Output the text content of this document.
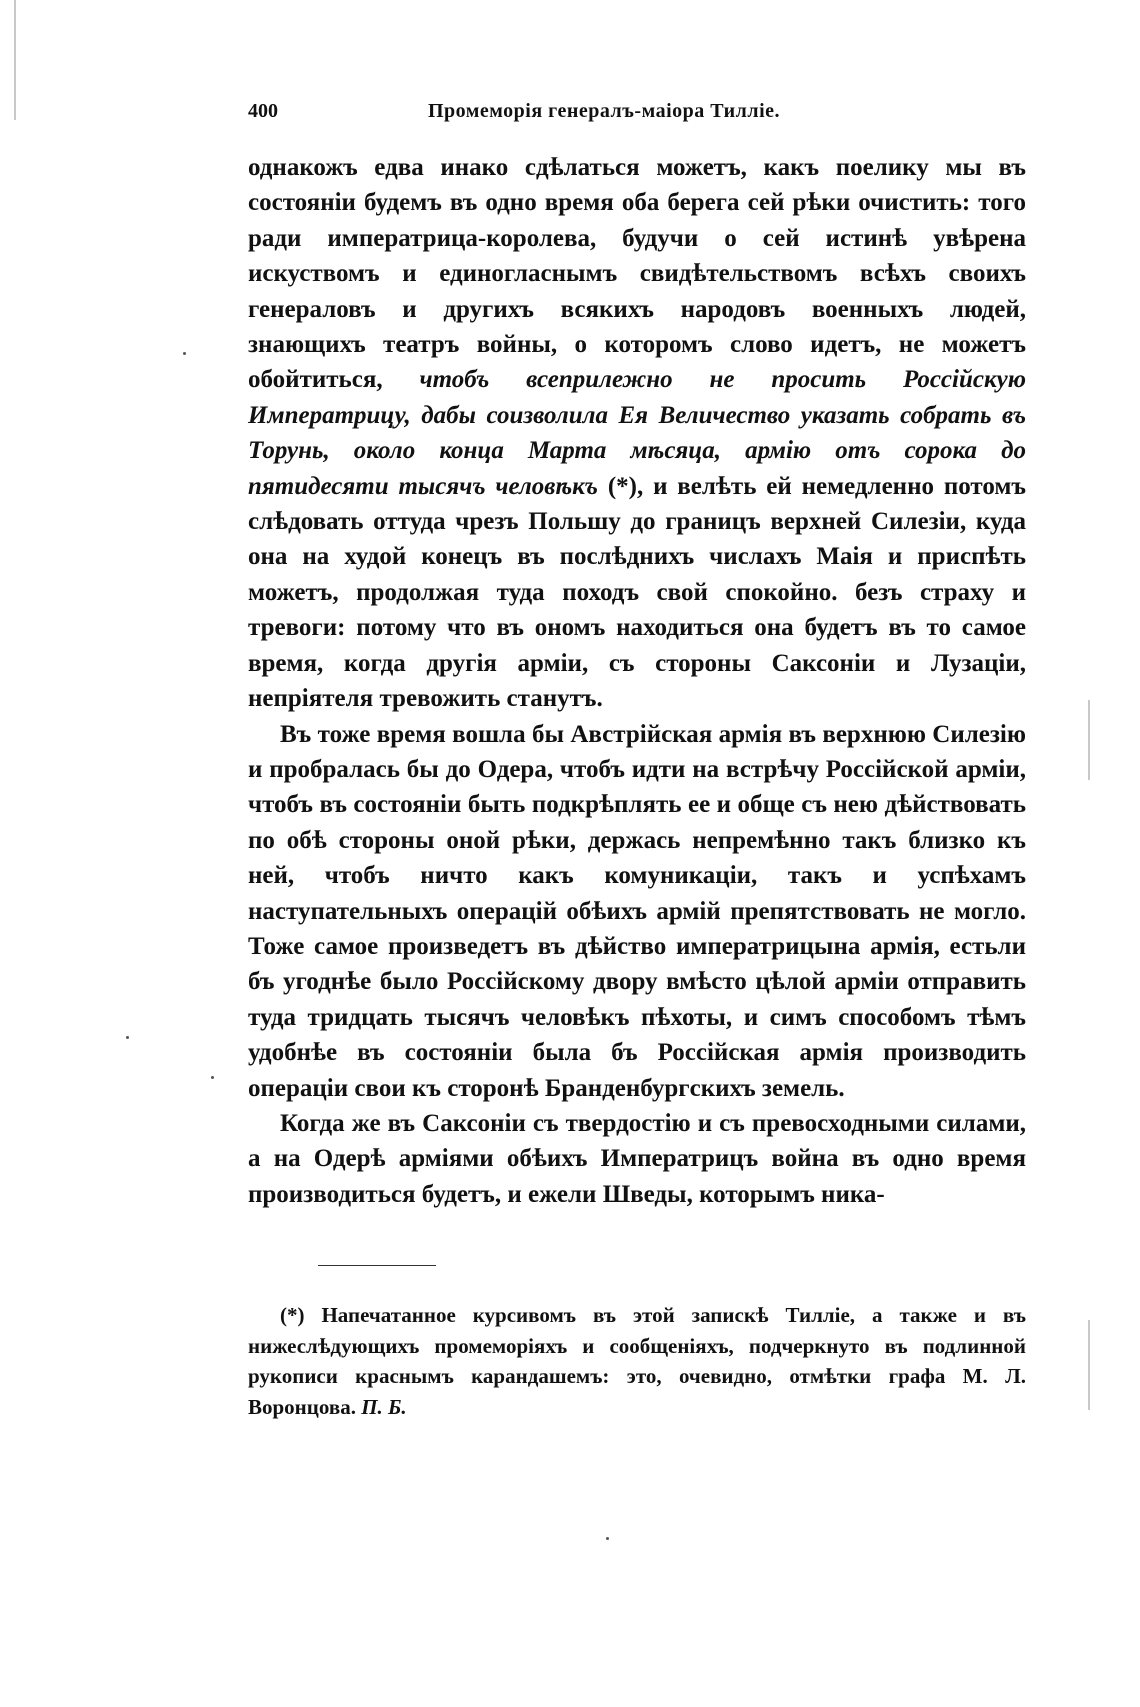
400	Промеморія генералъ-маіора Тилліе.

однакожъ едва инако сдѣлаться можетъ, какъ поелику мы въ состояніи будемъ въ одно время оба берега сей рѣки очистить: того ради императрица-королева, будучи о сей истинѣ увѣрена искуствомъ и единогласнымъ свидѣтельствомъ всѣхъ своихъ генераловъ и другихъ всякихъ народовъ военныхъ людей, знающихъ театръ войны, о которомъ слово идетъ, не можетъ обойтиться, чтобъ всеприлежно не просить Россійскую Императрицу, дабы соизволила Ея Величество указать собрать въ Торунь, около конца Марта мѣсяца, армію отъ сорока до пятидесяти тысячъ человѣкъ (*), и велѣть ей немедленно потомъ слѣдовать оттуда чрезъ Польшу до границъ верхней Силезіи, куда она на худой конецъ въ послѣднихъ числахъ Маія и приспѣть можетъ, продолжая туда походъ свой спокойно. безъ страху и тревоги: потому что въ ономъ находиться она будетъ въ то самое время, когда другія арміи, съ стороны Саксоніи и Лузаціи, непріятеля тревожить станутъ.

Въ тоже время вошла бы Австрійская армія въ верхнюю Силезію и пробралась бы до Одера, чтобъ идти на встрѣчу Россійской арміи, чтобъ въ состояніи быть подкрѣплять ее и обще съ нею дѣйствовать по обѣ стороны оной рѣки, держась непремѣнно такъ близко къ ней, чтобъ ничто какъ комуникаціи, такъ и успѣхамъ наступательныхъ операцій обѣихъ армій препятствовать не могло. Тоже самое произведетъ въ дѣйство императрицына армія, естьли бъ угоднѣе было Россійскому двору вмѣсто цѣлой арміи отправить туда тридцать тысячъ человѣкъ пѣхоты, и симъ способомъ тѣмъ удобнѣе въ состояніи была бъ Россійская армія производить операціи свои къ сторонѣ Бранденбургскихъ земель.

Когда же въ Саксоніи съ твердостію и съ превосходными силами, а на Одерѣ арміями обѣихъ Императрицъ война въ одно время производиться будетъ, и ежели Шведы, которымъ ника-

(*) Напечатанное курсивомъ въ этой запискѣ Тилліе, а также и въ нижеслѣдующихъ промеморіяхъ и сообщеніяхъ, подчеркнуто въ подлинной рукописи краснымъ карандашемъ: это, очевидно, отмѣтки графа М. Л. Воронцова. П. Б.
